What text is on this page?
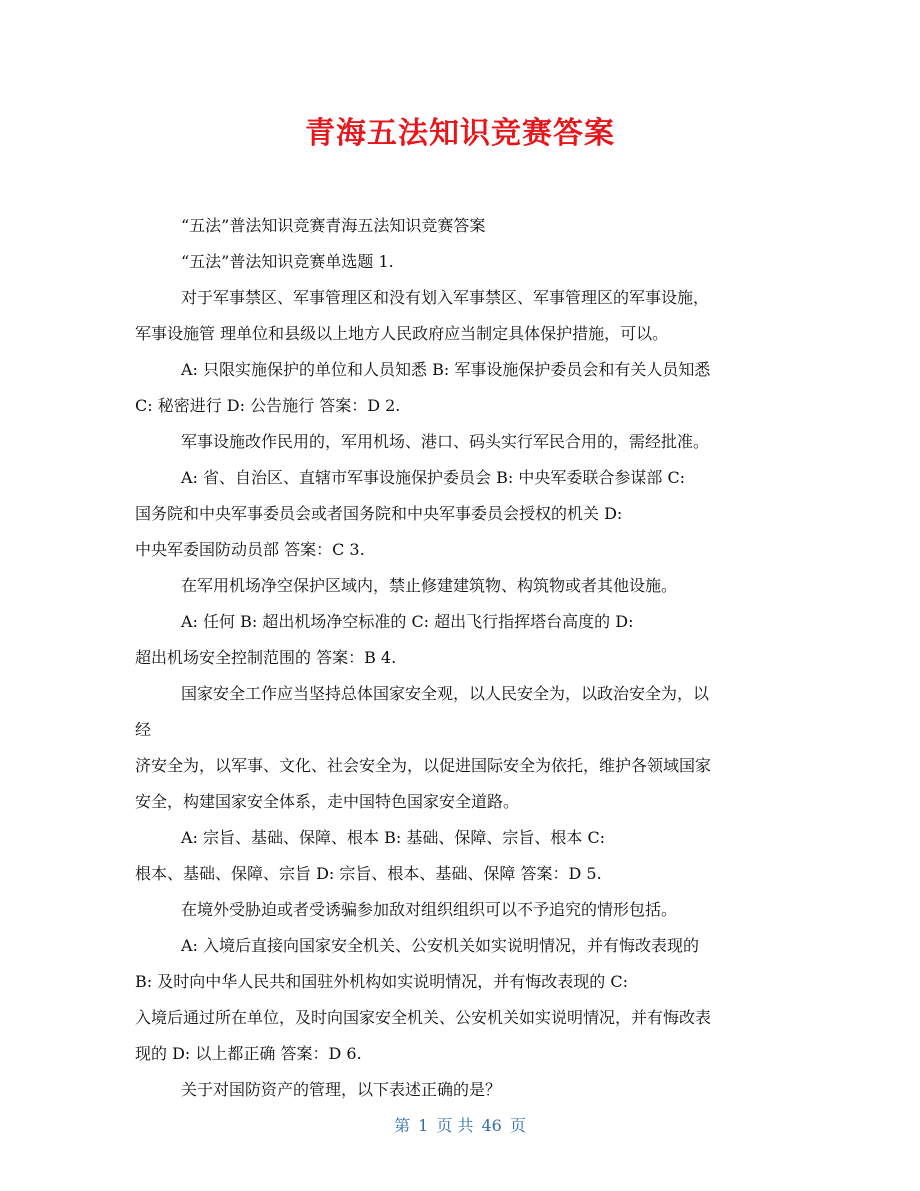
青海五法知识竞赛答案

“五法”普法知识竞赛青海五法知识竞赛答案

“五法”普法知识竞赛单选题 1.

对于军事禁区、军事管理区和没有划入军事禁区、军事管理区的军事设施，

军事设施管 理单位和县级以上地方人民政府应当制定具体保护措施，可以。

A: 只限实施保护的单位和人员知悉 B: 军事设施保护委员会和有关人员知悉

C: 秘密进行 D: 公告施行 答案：D 2.

军事设施改作民用的，军用机场、港口、码头实行军民合用的，需经批准。

A: 省、自治区、直辖市军事设施保护委员会 B: 中央军委联合参谋部 C:

国务院和中央军事委员会或者国务院和中央军事委员会授权的机关 D:

中央军委国防动员部 答案：C 3.

在军用机场净空保护区域内，禁止修建建筑物、构筑物或者其他设施。

A: 任何 B: 超出机场净空标准的 C: 超出飞行指挥塔台高度的 D:

超出机场安全控制范围的 答案：B 4.

国家安全工作应当坚持总体国家安全观，以人民安全为，以政治安全为，以

经

济安全为，以军事、文化、社会安全为，以促进国际安全为依托，维护各领域国家

安全，构建国家安全体系，走中国特色国家安全道路。

A: 宗旨、基础、保障、根本 B: 基础、保障、宗旨、根本 C:

根本、基础、保障、宗旨 D: 宗旨、根本、基础、保障 答案：D 5.

在境外受胁迫或者受诱骗参加敌对组织组织可以不予追究的情形包括。

A: 入境后直接向国家安全机关、公安机关如实说明情况，并有悔改表现的

B: 及时向中华人民共和国驻外机构如实说明情况，并有悔改表现的 C:

入境后通过所在单位，及时向国家安全机关、公安机关如实说明情况，并有悔改表

现的 D: 以上都正确 答案：D 6.

关于对国防资产的管理，以下表述正确的是？

第 1 页 共 46 页
